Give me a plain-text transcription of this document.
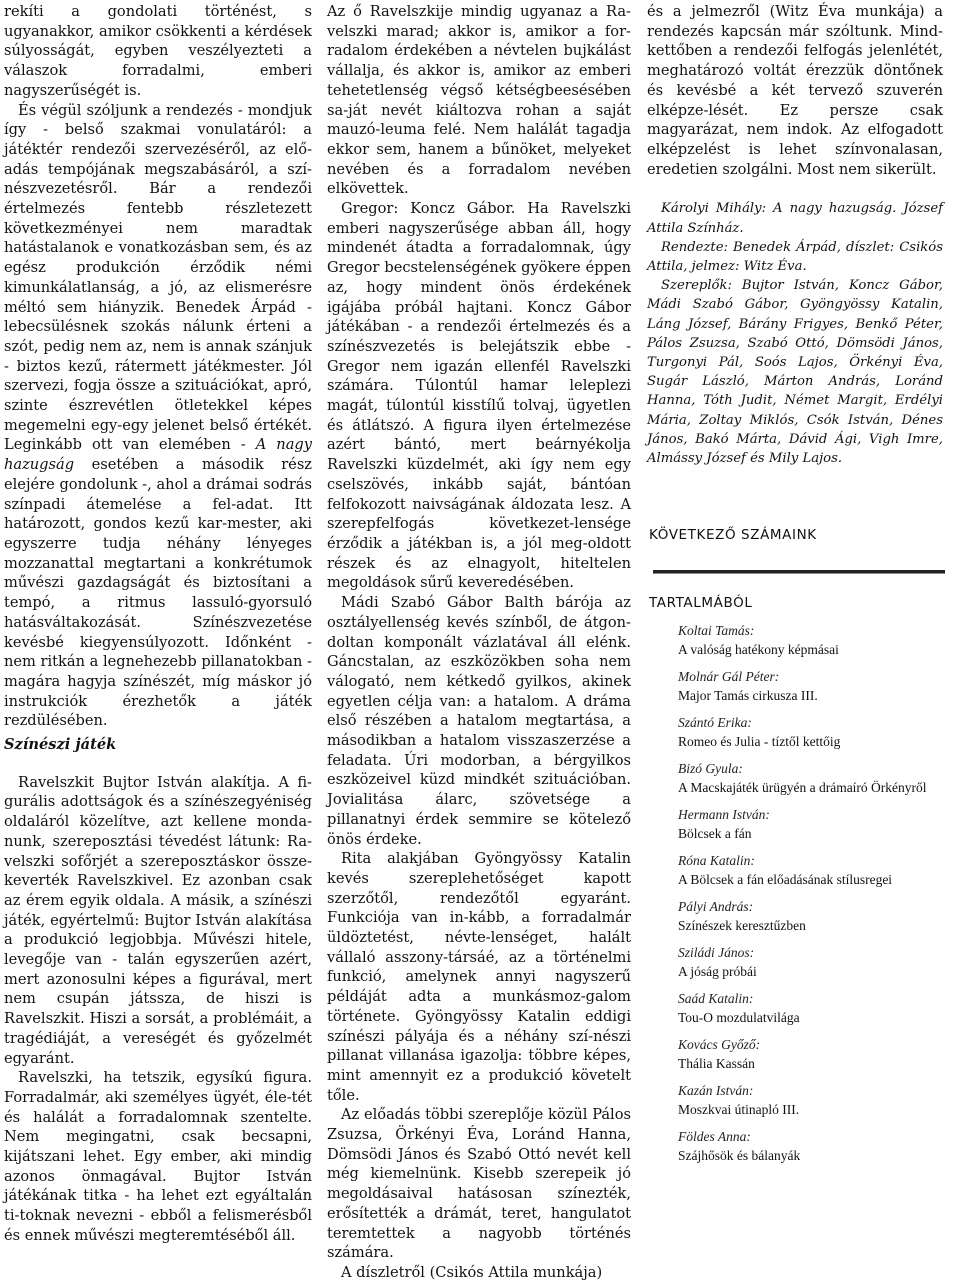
rekíti a gondolati történést, s ugyanakkor, amikor csökkenti a kérdések súlyosságát, egyben veszélyezteti a válaszok forradalmi, emberi nagyszerűségét is.

És végül szóljunk a rendezés - mondjuk így - belső szakmai vonulatáról: a játéktér rendezői szervezéséről, az elő-adás tempójának megszabásáról, a szí-nészvezetésről. Bár a rendezői értelmezés fentebb részletezett következményei nem maradtak hatástalanok e vonatkozásban sem, és az egész produkción érződik némi kimunkálatlanság, a jó, az elismerésre méltó sem hiányzik. Benedek Árpád - lebecsülésnek szokás nálunk érteni a szót, pedig nem az, nem is annak szánjuk - biztos kezű, rátermett játékmester. Jól szervezi, fogja össze a szituációkat, apró, szinte észrevétlen ötletekkel képes megemelni egy-egy jelenet belső értékét. Leginkább ott van elemében - A nagy hazugság esetében a második rész elejére gondolunk -, ahol a drámai sodrás színpadi átemelése a fel-adat. Itt határozott, gondos kezű kar-mester, aki egyszerre tudja néhány lényeges mozzanattal megtartani a konkrétumok művészi gazdagságát és biztosítani a tempó, a ritmus lassuló-gyorsuló hatásváltakozását. Színészvezetése kevésbé kiegyensúlyozott. Időnként - nem ritkán a legnehezebb pillanatokban - magára hagyja színészét, míg máskor jó instrukciók érezhetők a játék rezdülésében.

Színészi játék

Ravelszkit Bujtor István alakítja. A fi-gurális adottságok és a színészegyéniség oldaláról közelítve, azt kellene monda-nunk, szereposztási tévedést látunk: Ra-velszki sofőrjét a szereposztáskor össze-keverték Ravelszkivel. Ez azonban csak az érem egyik oldala. A másik, a színészi játék, egyértelmű: Bujtor István alakítása a produkció legjobbja. Művészi hitele, levegője van - talán egyszerűen azért, mert azonosulni képes a figurával, mert nem csupán játssza, de hiszi is Ravelszkit. Hiszi a sorsát, a problémáit, a tragédiáját, a vereségét és győzelmét egyaránt.

Ravelszki, ha tetszik, egysíkú figura. Forradalmár, aki személyes ügyét, éle-tét és halálát a forradalomnak szentelte. Nem megingatni, csak becsapni, kijátszani lehet. Egy ember, aki mindig azonos önmagával. Bujtor István játékának titka - ha lehet ezt egyáltalán ti-toknak nevezni - ebből a felismerésből és ennek művészi megteremtéséből áll.

Az ő Ravelszkije mindig ugyanaz a Ra-velszki marad; akkor is, amikor a for-radalom érdekében a névtelen bujkálást vállalja, és akkor is, amikor az emberi tehetetlenség végső kétségbeesésében sa-ját nevét kiáltozva rohan a saját mauzó-leuma felé. Nem halálát tagadja ekkor sem, hanem a bűnöket, melyeket nevében és a forradalom nevében elkövettek.

Gregor: Koncz Gábor. Ha Ravelszki emberi nagyszerűsége abban áll, hogy mindenét átadta a forradalomnak, úgy Gregor becstelenségének gyökere éppen az, hogy mindent önös érdekének igájába próbál hajtani. Koncz Gábor játékában - a rendezői értelmezés és a színészvezetés is belejátszik ebbe - Gregor nem igazán ellenfél Ravelszki számára. Túlontúl hamar leleplezi magát, túlontúl kisstílű tolvaj, ügyetlen és átlátszó. A figura ilyen értelmezése azért bántó, mert beárnyékolja Ravelszki küzdelmét, aki így nem egy cselszövés, inkább saját, bántóan felfokozott naivságának áldozata lesz. A szerepfelfogás következet-lensége érződik a játékban is, a jól meg-oldott részek és az elnagyolt, hiteltelen megoldások sűrű keveredésében.

Mádi Szabó Gábor Balth bárója az osztályellenség kevés színből, de átgon-doltan komponált vázlatával áll elénk. Gáncstalan, az eszközökben soha nem válogató, nem kétkedő gyilkos, akinek egyetlen célja van: a hatalom. A dráma első részében a hatalom megtartása, a másodikban a hatalom visszaszerzése a feladata. Úri modorban, a bérgyilkos eszközeivel küzd mindkét szituációban. Jovialitása álarc, szövetsége a pillanatnyi érdek semmire se kötelező önös érdeke.

Rita alakjában Gyöngyössy Katalin kevés szereplehetőséget kapott szerzőtől, rendezőtől egyaránt. Funkciója van in-kább, a forradalmár üldöztetést, névte-lenséget, halált vállaló asszony-társáé, az a történelmi funkció, amelynek annyi nagyszerű példáját adta a munkásmoz-galom története. Gyöngyössy Katalin eddigi színészi pályája és a néhány szí-nészi pillanat villanása igazolja: többre képes, mint amennyit ez a produkció követelt tőle.

Az előadás többi szereplője közül Pálos Zsuzsa, Örkényi Éva, Loránd Hanna, Dömsödi János és Szabó Ottó nevét kell még kiemelnünk. Kisebb szerepeik jó megoldásaival hatásosan színezték, erősítették a drámát, teret, hangulatot teremtettek a nagyobb történés számára.

A díszletről (Csikós Attila munkája)

és a jelmezről (Witz Éva munkája) a rendezés kapcsán már szóltunk. Mind-kettőben a rendezői felfogás jelenlétét, meghatározó voltát érezzük döntőnek és kevésbé a két tervező szuverén elképze-lését. Ez persze csak magyarázat, nem indok. Az elfogadott elképzelést is lehet színvonalasan, eredetien szolgálni. Most nem sikerült.

Károlyi Mihály: A nagy hazugság. József Attila Színház.

Rendezte: Benedek Árpád, díszlet: Csikós Attila, jelmez: Witz Éva.

Szereplők: Bujtor István, Koncz Gábor, Mádi Szabó Gábor, Gyöngyössy Katalin, Láng József, Bárány Frigyes, Benkő Péter, Pálos Zsuzsa, Szabó Ottó, Dömsödi János, Turgonyi Pál, Soós Lajos, Örkényi Éva, Sugár László, Márton András, Loránd Hanna, Tóth Judit, Német Margit, Erdélyi Mária, Zoltay Miklós, Csók István, Dénes János, Bakó Márta, Dávid Ági, Vigh Imre, Almássy József és Mily Lajos.

KÖVETKEZŐ SZÁMAINK
TARTALMÁBÓL
Koltai Tamás:
A valóság hatékony képmásai
Molnár Gál Péter:
Major Tamás cirkusza III.
Szántó Erika:
Romeo és Julia - tíztől kettőig
Bizó Gyula:
A Macskajáték ürügyén a drámaíró Örkényről
Hermann István:
Bölcsek a fán
Róna Katalin:
A Bölcsek a fán előadásának stílusregei
Pályi András:
Színészek keresztűzben
Sziládi János:
A jóság próbái
Saád Katalin:
Tou-O mozdulatvilága
Kovács Győző:
Thália Kassán
Kazán István:
Moszkvai útinapló III.
Földes Anna:
Szájhősök és bálanyák
